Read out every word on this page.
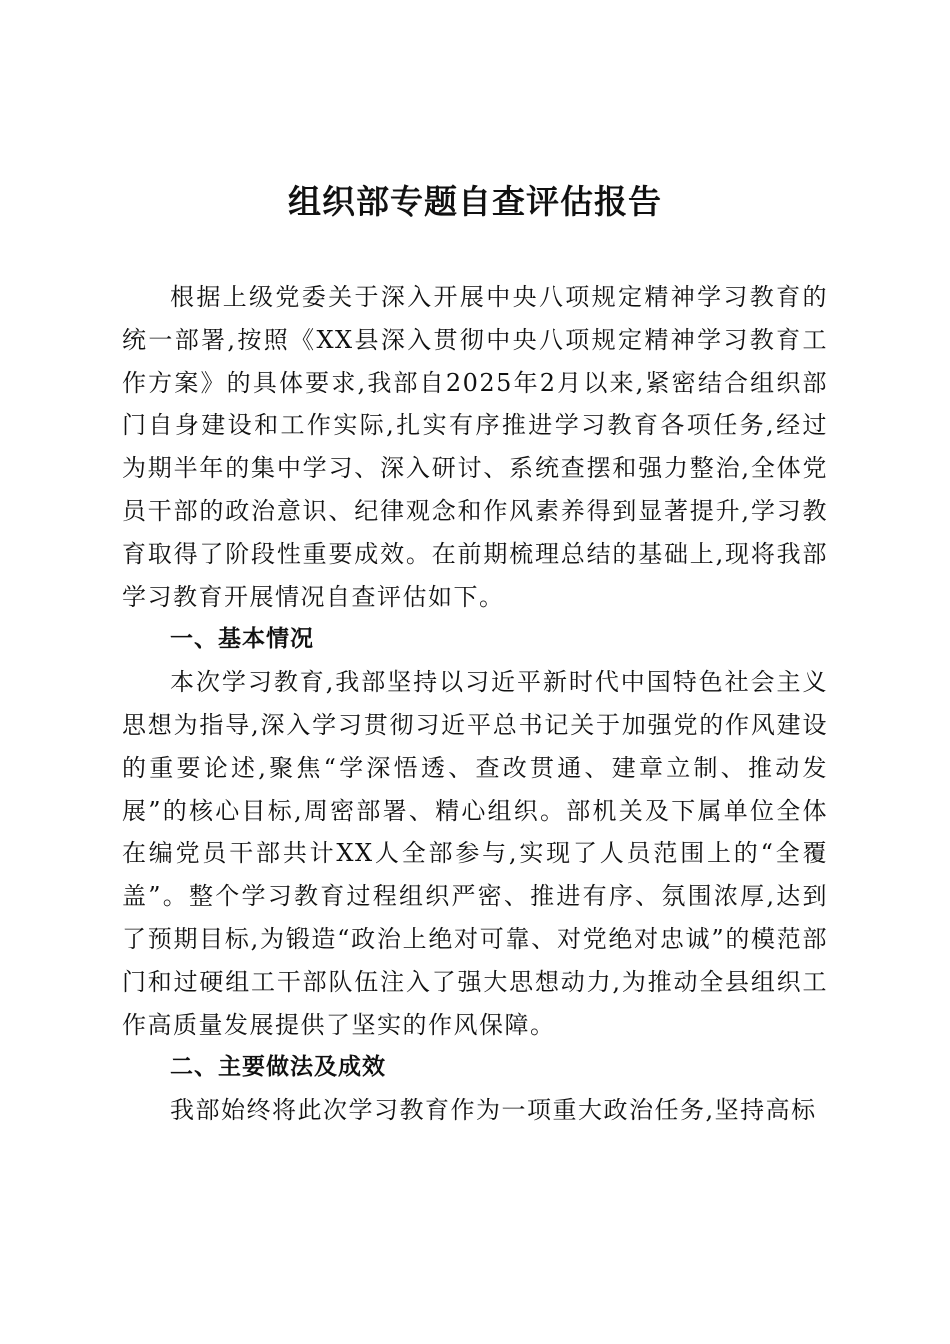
组织部专题自查评估报告

根据上级党委关于深入开展中央八项规定精神学习教育的统一部署,按照《XX县深入贯彻中央八项规定精神学习教育工作方案》的具体要求,我部自2025年2月以来,紧密结合组织部门自身建设和工作实际,扎实有序推进学习教育各项任务,经过为期半年的集中学习、深入研讨、系统查摆和强力整治,全体党员干部的政治意识、纪律观念和作风素养得到显著提升,学习教育取得了阶段性重要成效。在前期梳理总结的基础上,现将我部学习教育开展情况自查评估如下。

一、基本情况

本次学习教育,我部坚持以习近平新时代中国特色社会主义思想为指导,深入学习贯彻习近平总书记关于加强党的作风建设的重要论述,聚焦“学深悟透、查改贯通、建章立制、推动发展”的核心目标,周密部署、精心组织。部机关及下属单位全体在编党员干部共计XX人全部参与,实现了人员范围上的“全覆盖”。整个学习教育过程组织严密、推进有序、氛围浓厚,达到了预期目标,为锻造“政治上绝对可靠、对党绝对忠诚”的模范部门和过硬组工干部队伍注入了强大思想动力,为推动全县组织工作高质量发展提供了坚实的作风保障。

二、主要做法及成效

我部始终将此次学习教育作为一项重大政治任务,坚持高标
